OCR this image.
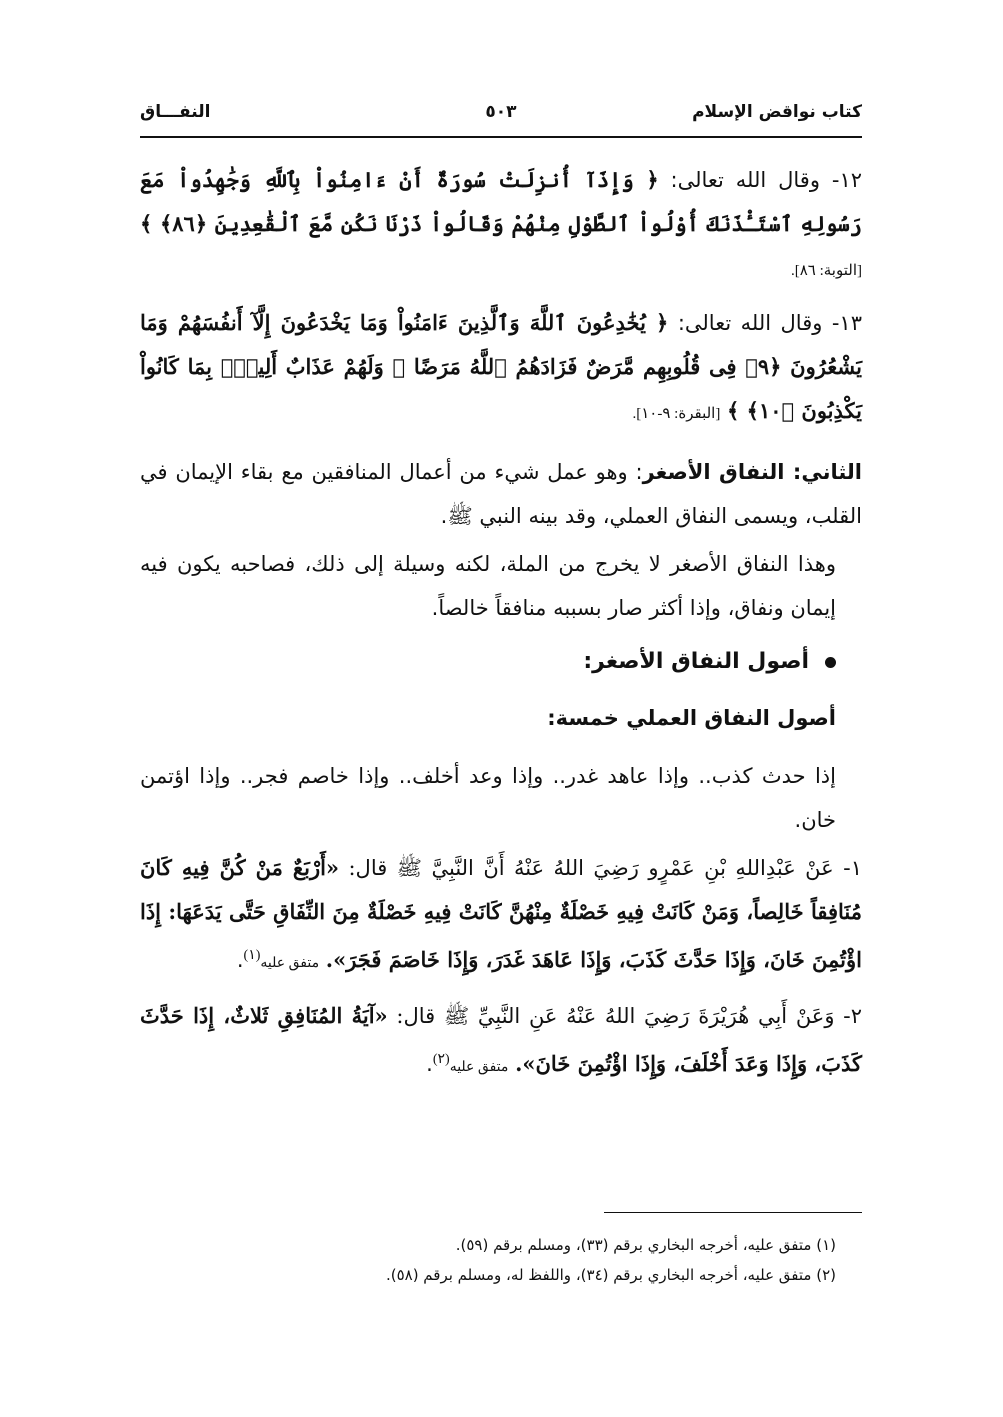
كتاب نواقض الإسلام
٥٠٣
النفـــاق

١٢- وقال الله تعالى: ﴿ وَإِذَآ أُنزِلَتْ سُورَةٌ أَنْ ءَامِنُواْ بِٱللَّهِ وَجَٰهِدُواْ مَعَ رَسُولِهِ ٱسْتَـْٔذَنَكَ أُوْلُواْ ٱلطَّوْلِ مِنْهُمْ وَقَالُواْ ذَرْنَا نَكُن مَّعَ ٱلْقَٰعِدِينَ ﴿٨٦﴾ ﴾ [التوبة: ٨٦].

١٣- وقال الله تعالى: ﴿ يُخَٰدِعُونَ ٱللَّهَ وَٱلَّذِينَ ءَامَنُواْ وَمَا يَخْدَعُونَ إِلَّآ أَنفُسَهُمْ وَمَا يَشْعُرُونَ ﴿٩﴾ فِى قُلُوبِهِم مَّرَضٌ فَزَادَهُمُ ٱللَّهُ مَرَضًا ۖ وَلَهُمْ عَذَابٌ أَلِيمٌۢ بِمَا كَانُواْ يَكْذِبُونَ ﴿١٠﴾ ﴾ [البقرة: ٩-١٠].

الثاني: النفاق الأصغر: وهو عمل شيء من أعمال المنافقين مع بقاء الإيمان في القلب، ويسمى النفاق العملي، وقد بينه النبي ﷺ.

وهذا النفاق الأصغر لا يخرج من الملة، لكنه وسيلة إلى ذلك، فصاحبه يكون فيه إيمان ونفاق، وإذا أكثر صار بسببه منافقاً خالصاً.

أصول النفاق الأصغر:

أصول النفاق العملي خمسة:

إذا حدث كذب.. وإذا عاهد غدر.. وإذا وعد أخلف.. وإذا خاصم فجر.. وإذا اؤتمن خان.

١- عَنْ عَبْدِاللهِ بْنِ عَمْرٍو رَضِيَ اللهُ عَنْهُ أَنَّ النَّبِيَّ ﷺ قال: «أَرْبَعٌ مَنْ كُنَّ فِيهِ كَانَ مُنَافِقاً خَالِصاً، وَمَنْ كَانَتْ فِيهِ خَصْلَةٌ مِنْهُنَّ كَانَتْ فِيهِ خَصْلَةٌ مِنَ النِّفَاقِ حَتَّى يَدَعَهَا: إِذَا اؤْتُمِنَ خَانَ، وَإِذَا حَدَّثَ كَذَبَ، وَإِذَا عَاهَدَ غَدَرَ، وَإِذَا خَاصَمَ فَجَرَ». متفق عليه$^{(١)}$.

٢- وَعَنْ أَبِي هُرَيْرَةَ رَضِيَ اللهُ عَنْهُ عَنِ النَّبِيِّ ﷺ قال: «آيَةُ المُنَافِقِ ثَلاثٌ، إِذَا حَدَّثَ كَذَبَ، وَإِذَا وَعَدَ أَخْلَفَ، وَإِذَا اؤْتُمِنَ خَانَ». متفق عليه$^{(٢)}$.

(١) متفق عليه، أخرجه البخاري برقم (٣٣)، ومسلم برقم (٥٩).
(٢) متفق عليه، أخرجه البخاري برقم (٣٤)، واللفظ له، ومسلم برقم (٥٨).
